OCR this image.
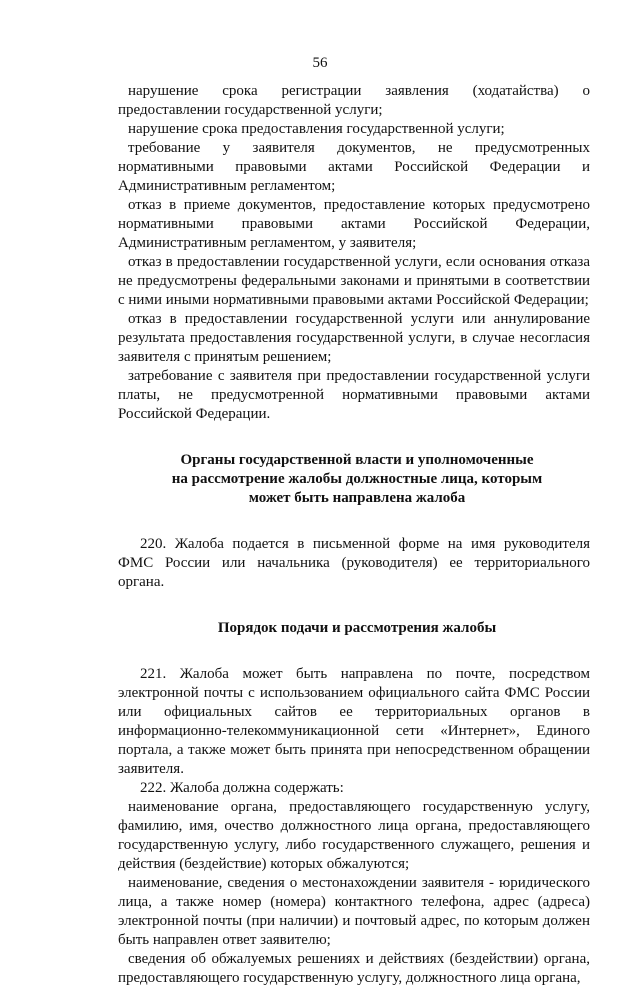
56

нарушение срока регистрации заявления (ходатайства) о предоставлении государственной услуги;

нарушение срока предоставления государственной услуги;

требование у заявителя документов, не предусмотренных нормативными правовыми актами Российской Федерации и Административным регламентом;

отказ в приеме документов, предоставление которых предусмотрено нормативными правовыми актами Российской Федерации, Административным регламентом, у заявителя;

отказ в предоставлении государственной услуги, если основания отказа не предусмотрены федеральными законами и принятыми в соответствии с ними иными нормативными правовыми актами Российской Федерации;

отказ в предоставлении государственной услуги или аннулирование результата предоставления государственной услуги, в случае несогласия заявителя с принятым решением;

затребование с заявителя при предоставлении государственной услуги платы, не предусмотренной нормативными правовыми актами Российской Федерации.

Органы государственной власти и уполномоченные
на рассмотрение жалобы должностные лица, которым
может быть направлена жалоба

220. Жалоба подается в письменной форме на имя руководителя ФМС России или начальника (руководителя) ее территориального органа.

Порядок подачи и рассмотрения жалобы

221. Жалоба может быть направлена по почте, посредством электронной почты с использованием официального сайта ФМС России или официальных сайтов ее территориальных органов в информационно-телекоммуникационной сети «Интернет», Единого портала, а также может быть принята при непосредственном обращении заявителя.

222. Жалоба должна содержать:

наименование органа, предоставляющего государственную услугу, фамилию, имя, очество должностного лица органа, предоставляющего государственную услугу, либо государственного служащего, решения и действия (бездействие) которых обжалуются;

наименование, сведения о местонахождении заявителя - юридического лица, а также номер (номера) контактного телефона, адрес (адреса) электронной почты (при наличии) и почтовый адрес, по которым должен быть направлен ответ заявителю;

сведения об обжалуемых решениях и действиях (бездействии) органа, предоставляющего государственную услугу, должностного лица органа,
